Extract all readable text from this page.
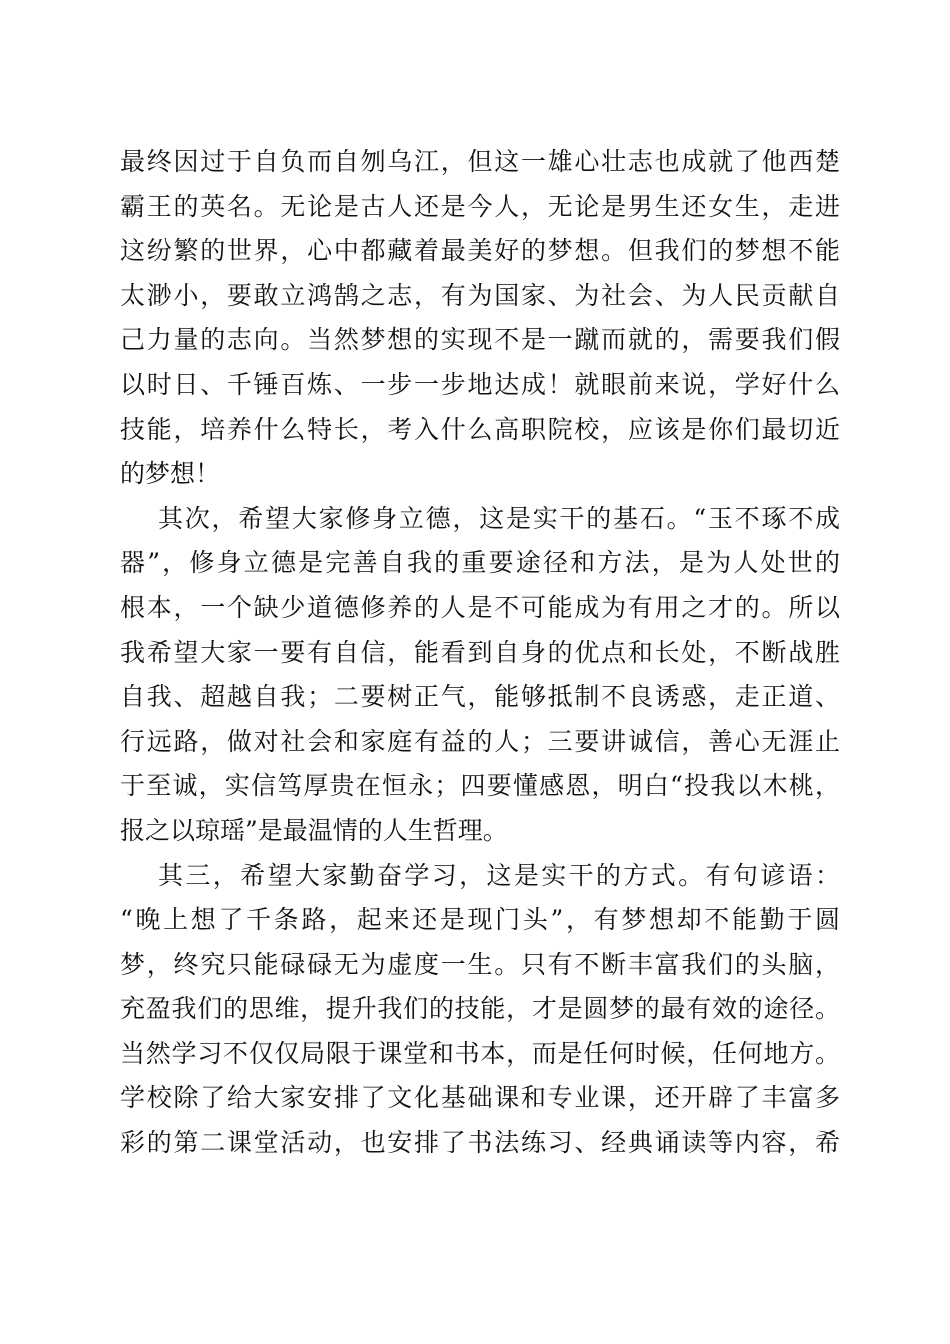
最终因过于自负而自刎乌江，但这一雄心壮志也成就了他西楚
霸王的英名。无论是古人还是今人，无论是男生还女生，走进
这纷繁的世界，心中都藏着最美好的梦想。但我们的梦想不能
太渺小，要敢立鸿鹄之志，有为国家、为社会、为人民贡献自
己力量的志向。当然梦想的实现不是一蹴而就的，需要我们假
以时日、千锤百炼、一步一步地达成！就眼前来说，学好什么
技能，培养什么特长，考入什么高职院校，应该是你们最切近
的梦想！
其次，希望大家修身立德，这是实干的基石。“玉不琢不成
器”，修身立德是完善自我的重要途径和方法，是为人处世的
根本，一个缺少道德修养的人是不可能成为有用之才的。所以
我希望大家一要有自信，能看到自身的优点和长处，不断战胜
自我、超越自我；二要树正气，能够抵制不良诱惑，走正道、
行远路，做对社会和家庭有益的人；三要讲诚信，善心无涯止
于至诚，实信笃厚贵在恒永；四要懂感恩，明白“投我以木桃，
报之以琼瑶”是最温情的人生哲理。
其三，希望大家勤奋学习，这是实干的方式。有句谚语：
“晚上想了千条路，起来还是现门头”，有梦想却不能勤于圆
梦，终究只能碌碌无为虚度一生。只有不断丰富我们的头脑，
充盈我们的思维，提升我们的技能，才是圆梦的最有效的途径。
当然学习不仅仅局限于课堂和书本，而是任何时候，任何地方。
学校除了给大家安排了文化基础课和专业课，还开辟了丰富多
彩的第二课堂活动，也安排了书法练习、经典诵读等内容，希
